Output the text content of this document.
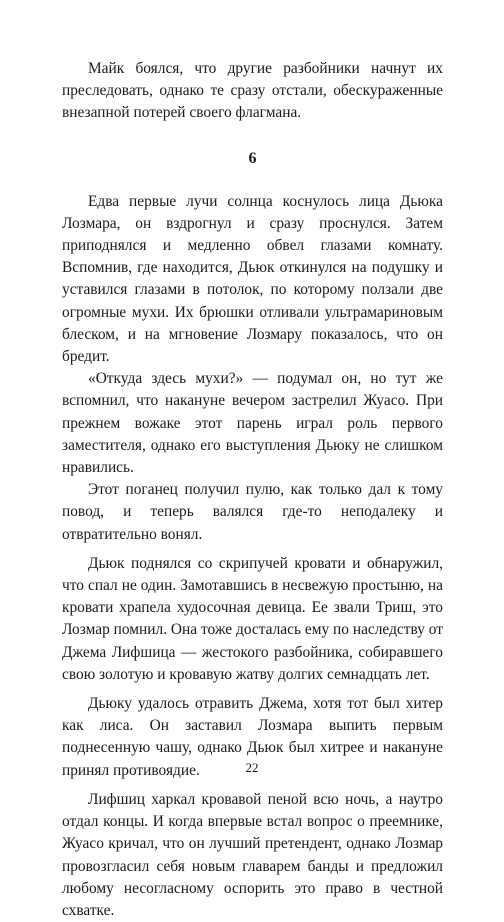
Майк боялся, что другие разбойники начнут их преследовать, однако те сразу отстали, обескураженные внезапной потерей своего флагмана.

6

Едва первые лучи солнца коснулось лица Дьюка Лозмара, он вздрогнул и сразу проснулся. Затем приподнялся и медленно обвел глазами комнату. Вспомнив, где находится, Дьюк откинулся на подушку и уставился глазами в потолок, по которому ползали две огромные мухи. Их брюшки отливали ультрамариновым блеском, и на мгновение Лозмару показалось, что он бредит.

«Откуда здесь мухи?» — подумал он, но тут же вспомнил, что накануне вечером застрелил Жуасо. При прежнем вожаке этот парень играл роль первого заместителя, однако его выступления Дьюку не слишком нравились.

Этот поганец получил пулю, как только дал к тому повод, и теперь валялся где-то неподалеку и отвратительно вонял.

Дьюк поднялся со скрипучей кровати и обнаружил, что спал не один. Замотавшись в несвежую простыню, на кровати храпела худосочная девица. Ее звали Триш, это Лозмар помнил. Она тоже досталась ему по наследству от Джема Лифшица — жестокого разбойника, собиравшего свою золотую и кровавую жатву долгих семнадцать лет.

Дьюку удалось отравить Джема, хотя тот был хитер как лиса. Он заставил Лозмара выпить первым поднесенную чашу, однако Дьюк был хитрее и накануне принял противоядие.

Лифшиц харкал кровавой пеной всю ночь, а наутро отдал концы. И когда впервые встал вопрос о преемнике, Жуасо кричал, что он лучший претендент, однако Лозмар провозгласил себя новым главарем банды и предложил любому несогласному оспорить это право в честной схватке.

22
